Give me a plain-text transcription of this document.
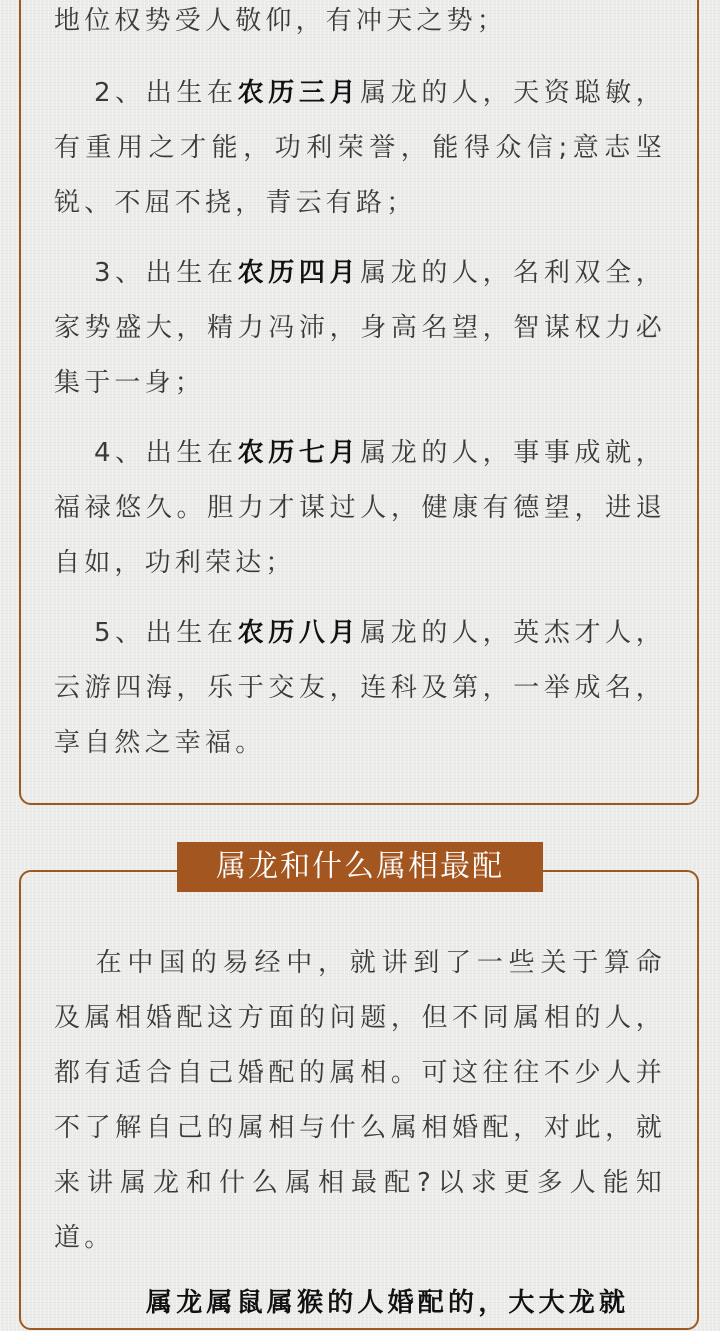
地位权势受人敬仰，有冲天之势；

2、出生在农历三月属龙的人，天资聪敏，有重用之才能，功利荣誉，能得众信;意志坚锐、不屈不挠，青云有路；

3、出生在农历四月属龙的人，名利双全，家势盛大，精力冯沛，身高名望，智谋权力必集于一身；

4、出生在农历七月属龙的人，事事成就，福禄悠久。胆力才谋过人，健康有德望，进退自如，功利荣达；

5、出生在农历八月属龙的人，英杰才人，云游四海，乐于交友，连科及第，一举成名，享自然之幸福。

属龙和什么属相最配

在中国的易经中，就讲到了一些关于算命及属相婚配这方面的问题，但不同属相的人，都有适合自己婚配的属相。可这往往不少人并不了解自己的属相与什么属相婚配，对此，就来讲属龙和什么属相最配?以求更多人能知道。

属龙属鼠属猴的人婚配的，大大龙就
